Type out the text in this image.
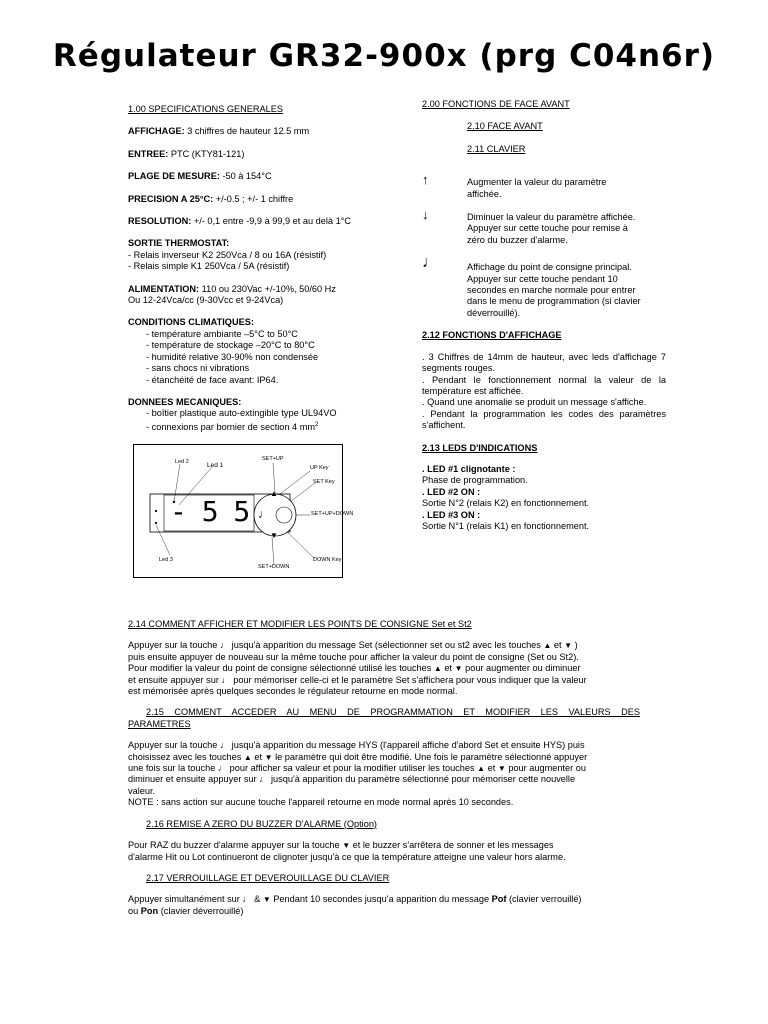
Régulateur GR32-900x (prg C04n6r)
1.00 SPECIFICATIONS GENERALES
AFFICHAGE: 3 chiffres de hauteur 12.5 mm
ENTREE: PTC (KTY81-121)
PLAGE DE MESURE: -50 à 154°C
PRECISION A 25°C: +/-0.5 ; +/- 1 chiffre
RESOLUTION: +/- 0,1 entre -9,9 à 99,9 et au delà 1°C
SORTIE THERMOSTAT:
- Relais inverseur K2 250Vca / 8 ou 16A (résistif)
- Relais simple K1 250Vca / 5A (résistif)
ALIMENTATION: 110 ou 230Vac +/-10%, 50/60 Hz
Ou 12-24Vca/cc (9-30Vcc et 9-24Vca)
CONDITIONS CLIMATIQUES:
- température ambiante –5°C to 50°C
- température de stockage –20°C to 80°C
- humidité relative 30-90% non condensée
- sans chocs ni vibrations
- étanchéité de face avant: IP64.
DONNEES MECANIQUES:
- boîtier plastique auto-extingible type UL94VO
- connexions par bornier de section 4 $mm^2$
Led 2	Led 1
Led 3
- 5 5
▲
▼
♩
SET+UP
UP Key
SET Key
SET+UP+DOWN
DOWN Key
SET+DOWN
2.00 FONCTIONS DE FACE AVANT
2.10 FACE AVANT
2.11 CLAVIER
↑	Augmenter la valeur du paramètre
affichée.
↓	Diminuer la valeur du paramètre affichée.
Appuyer sur cette touche pour remise à
zéro du buzzer d'alarme.
♩	Affichage du point de consigne principal.
Appuyer sur cette touche pendant 10
secondes en marche normale pour entrer
dans le menu de programmation (si clavier
déverrouillé).
2.12 FONCTIONS D'AFFICHAGE
. 3 Chiffres de 14mm de hauteur, avec leds d'affichage 7 segments rouges.
. Pendant le fonctionnement normal la valeur de la température est affichée.
. Quand une anomalie se produit un message s'affiche.
. Pendant la programmation les codes des paramètres s'affichent.
2.13 LEDS D'INDICATIONS
. LED #1 clignotante :
Phase de programmation.
. LED #2 ON :
Sortie N°2 (relais K2) en fonctionnement.
. LED #3 ON :
Sortie N°1 (relais K1) en fonctionnement.
2.14 COMMENT AFFICHER ET MODIFIER LES POINTS DE CONSIGNE Set et St2
Appuyer sur la touche ♩ jusqu'à apparition du message Set (sélectionner set ou st2 avec les touches ▲ et ▼ )
puis ensuite appuyer de nouveau sur la même touche pour afficher la valeur du point de consigne (Set ou St2).
Pour modifier la valeur du point de consigne sélectionné utilisé les touches ▲ et ▼ pour augmenter ou diminuer
et ensuite appuyer sur ♩ pour mémoriser celle-ci et le paramètre Set s'affichera pour vous indiquer que la valeur
est mémorisée après quelques secondes le régulateur retourne en mode normal.
2.15 COMMENT ACCEDER AU MENU DE PROGRAMMATION ET MODIFIER LES VALEURS DES
PARAMETRES
Appuyer sur la touche ♩ jusqu'à apparition du message HYS (l'appareil affiche d'abord Set et ensuite HYS) puis
choisissez avec les touches ▲ et ▼ le paramètre qui doit être modifié. Une fois le paramètre sélectionné appuyer
une fois sur la touche ♩ pour afficher sa valeur et pour la modifier utiliser les touches ▲ et ▼ pour augmenter ou
diminuer et ensuite appuyer sur ♩ jusqu'à apparition du paramètre sélectionné pour mémoriser cette nouvelle
valeur.
NOTE : sans action sur aucune touche l'appareil retourne en mode normal après 10 secondes.
2.16 REMISE A ZERO DU BUZZER D'ALARME (Option)
Pour RAZ du buzzer d'alarme appuyer sur la touche ▼ et le buzzer s'arrêtera de sonner et les messages
d'alarme Hit ou Lot continueront de clignoter jusqu'à ce que la température atteigne une valeur hors alarme.
2.17 VERROUILLAGE ET DEVEROUILLAGE DU CLAVIER
Appuyer simultanément sur ♩ & ▼ Pendant 10 secondes jusqu'a apparition du message Pof (clavier verrouillé)
ou Pon (clavier déverrouillé)
